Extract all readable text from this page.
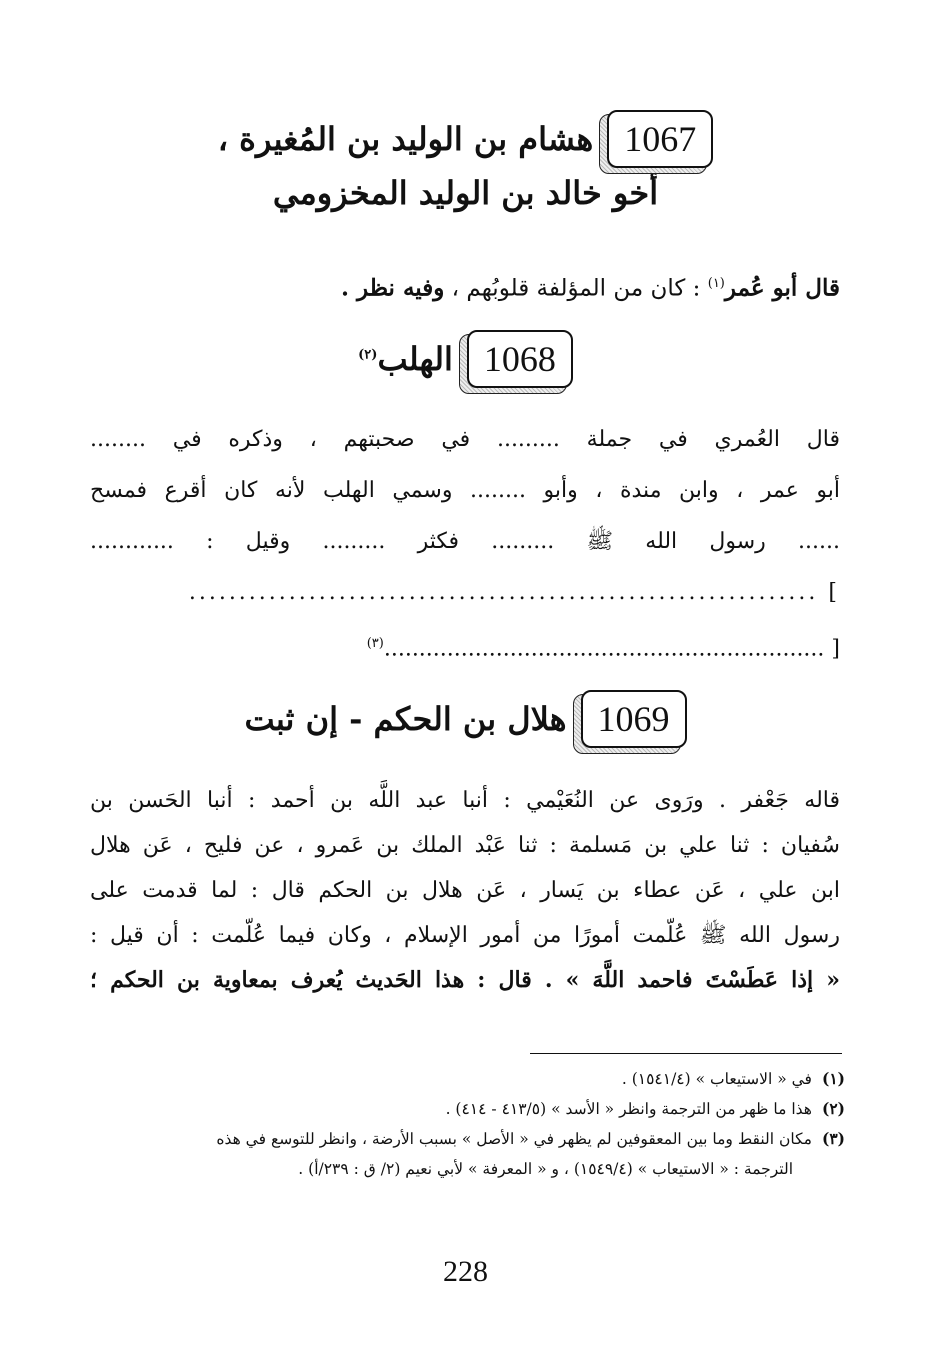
1067
هشام بن الوليد بن المُغيرة ،
أخو خالد بن الوليد المخزومي
قال أبو عُمر$^{(١)}$ : كان من المؤلفة قلوبُهم ، وفيه نظر .
1068
الهلب$^{(٢)}$
قال العُمري في جملة ......... في صحبتهم ، وذكره في ........
أبو عمر ، وابن مندة ، وأبو ........ وسمي الهلب لأنه كان أقرع فمسح
...... رسول الله ﷺ ......... فكثر ......... وقيل : ............
] ...............................................................
[ ...............................................................$^{(٣)}$
1069
هلال بن الحكم - إن ثبت
قاله جَعْفر . ورَوى عن النُعَيْمي : أنبا عبد اللَّه بن أحمد : أنبا الحَسن بن
سُفيان : ثنا علي بن مَسلمة : ثنا عَبْد الملك بن عَمرو ، عن فليح ، عَن هلال
ابن علي ، عَن عطاء بن يَسار ، عَن هلال بن الحكم قال : لما قدمت على
رسول الله ﷺ عُلّمت أمورًا من أمور الإسلام ، وكان فيما عُلّمت : أن قيل :
« إذا عَطَسْتَ فاحمد اللَّهَ » . قال : هذا الحَديث يُعرف بمعاوية بن الحكم ؛
(١)في « الاستيعاب » (١٥٤١/٤) .
(٢)هذا ما ظهر من الترجمة وانظر « الأسد » (٤١٣/٥ - ٤١٤) .
(٣)مكان النقط وما بين المعقوفين لم يظهر في « الأصل » بسبب الأرضة ، وانظر للتوسع في هذه
الترجمة : « الاستيعاب » (١٥٤٩/٤) ، و « المعرفة » لأبي نعيم (٢/ ق : ٢٣٩/أ) .
228
